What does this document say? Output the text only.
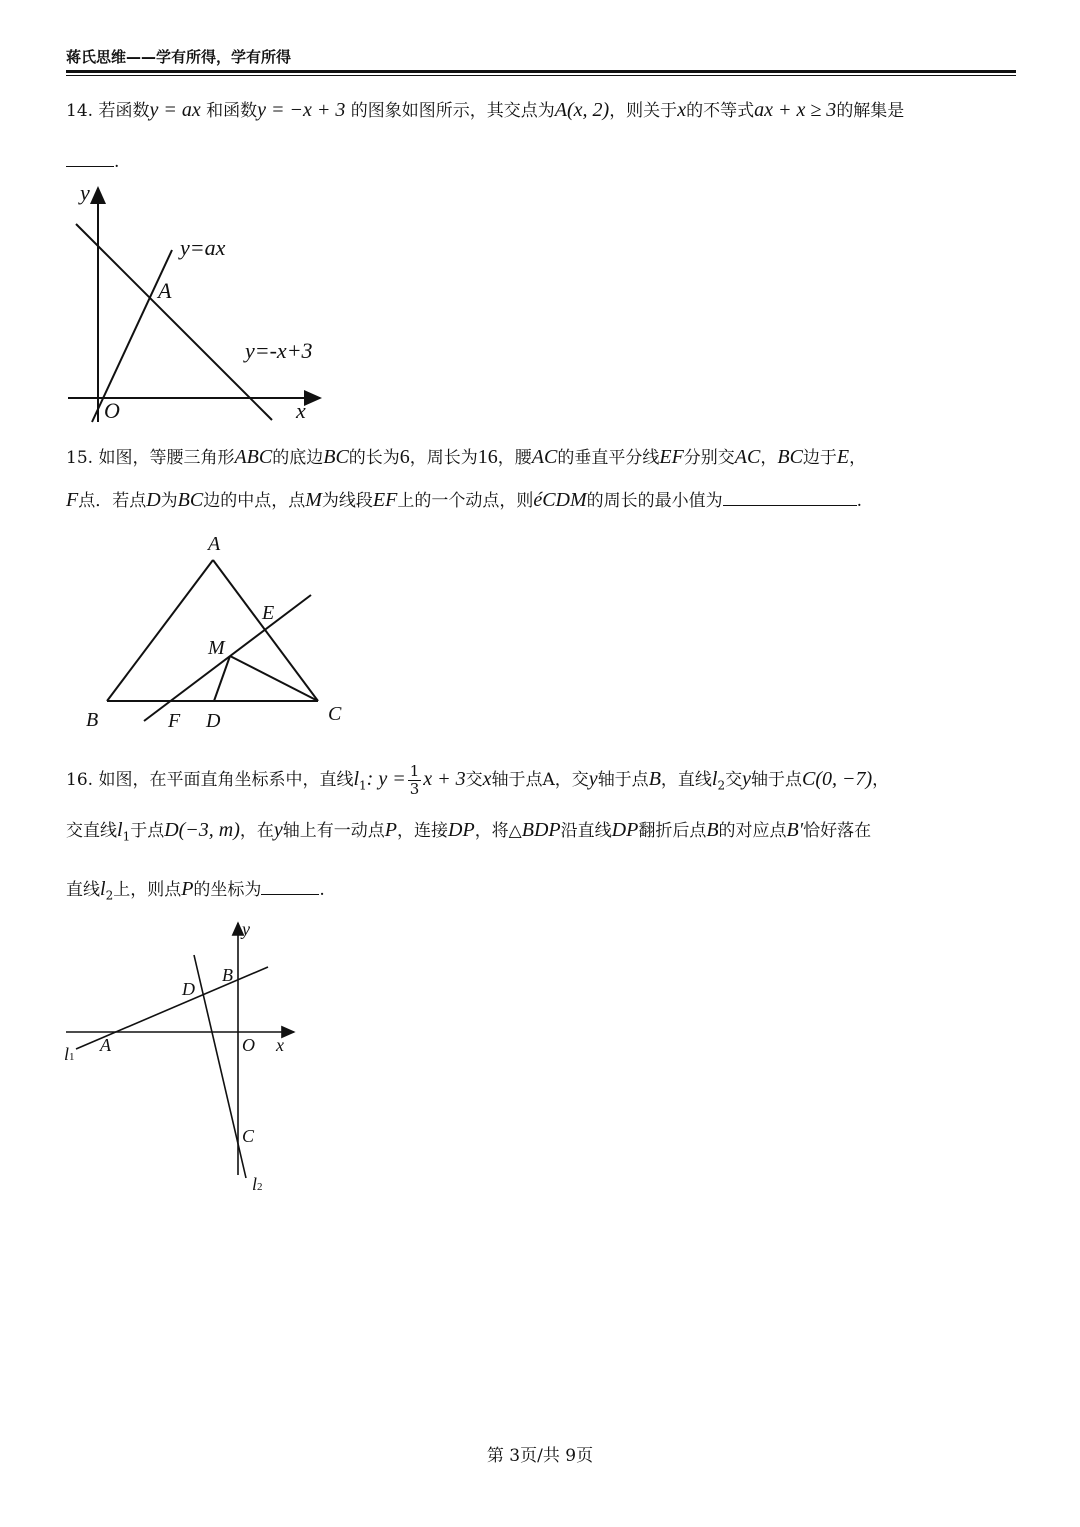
蒋氏思维——学有所得，学有所得
14. 若函数y = ax 和函数y = −x + 3 的图象如图所示，其交点为A(x, 2)，则关于x的不等式ax + x ≥ 3的解集是
.
y
x
O
A
y=ax
y=-x+3
15. 如图，等腰三角形ABC的底边BC的长为6，周长为16，腰AC的垂直平分线EF分别交AC，BC边于E，
F点．若点D为BC边的中点，点M为线段EF上的一个动点，则éCDM的周长的最小值为	.
A
B	C
D
E
F
M
16. 如图，在平面直角坐标系中，直线$l_1$: $y = \frac{1}{3}$ x + 3交x轴于点A，交y轴于点B，直线$l_2$交y轴于点C(0, −7)，
交直线$l_1$于点D(−3, m)，在y轴上有一动点P，连接DP，将△BDP沿直线DP翻折后点B的对应点B′恰好落在
直线$l_2$上，则点P的坐标为	.
y
x
O
A
B
C
D
l1
l2
第 3页/共 9页
